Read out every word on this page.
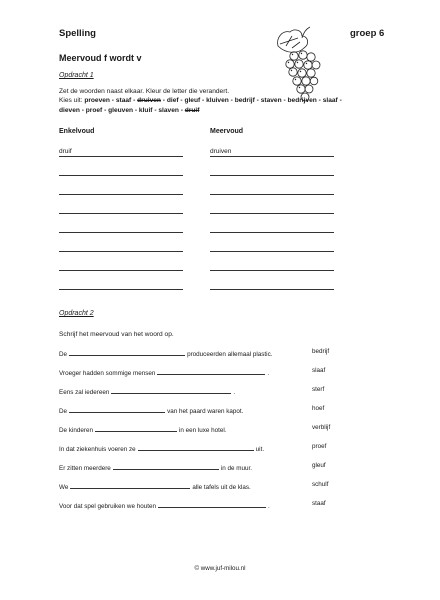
Spelling	groep 6
Meervoud f wordt v
Opdracht 1
Zet de woorden naast elkaar. Kleur de letter die verandert.
Kies uit: proeven - staaf - druiven - dief - gleuf - kluiven - bedrijf - staven - bedrijven - slaaf - dieven - proef - gleuven - kluif - slaven - druif
Enkelvoud	Meervoud
druif	druiven
Opdracht 2
Schrijf het meervoud van het woord op.
De	produceerden allemaal plastic.	bedrijf
Vroeger hadden sommige mensen	.	slaaf
Eens zal iedereen	.	sterf
De	van het paard waren kapot.	hoef
De kinderen	in een luxe hotel.	verblijf
In dat ziekenhuis voeren ze	uit.	proef
Er zitten meerdere	in de muur.	gleuf
We	alle tafels uit de klas.	schulf
Voor dat spel gebruiken we houten	.	staaf
© www.juf-milou.nl
